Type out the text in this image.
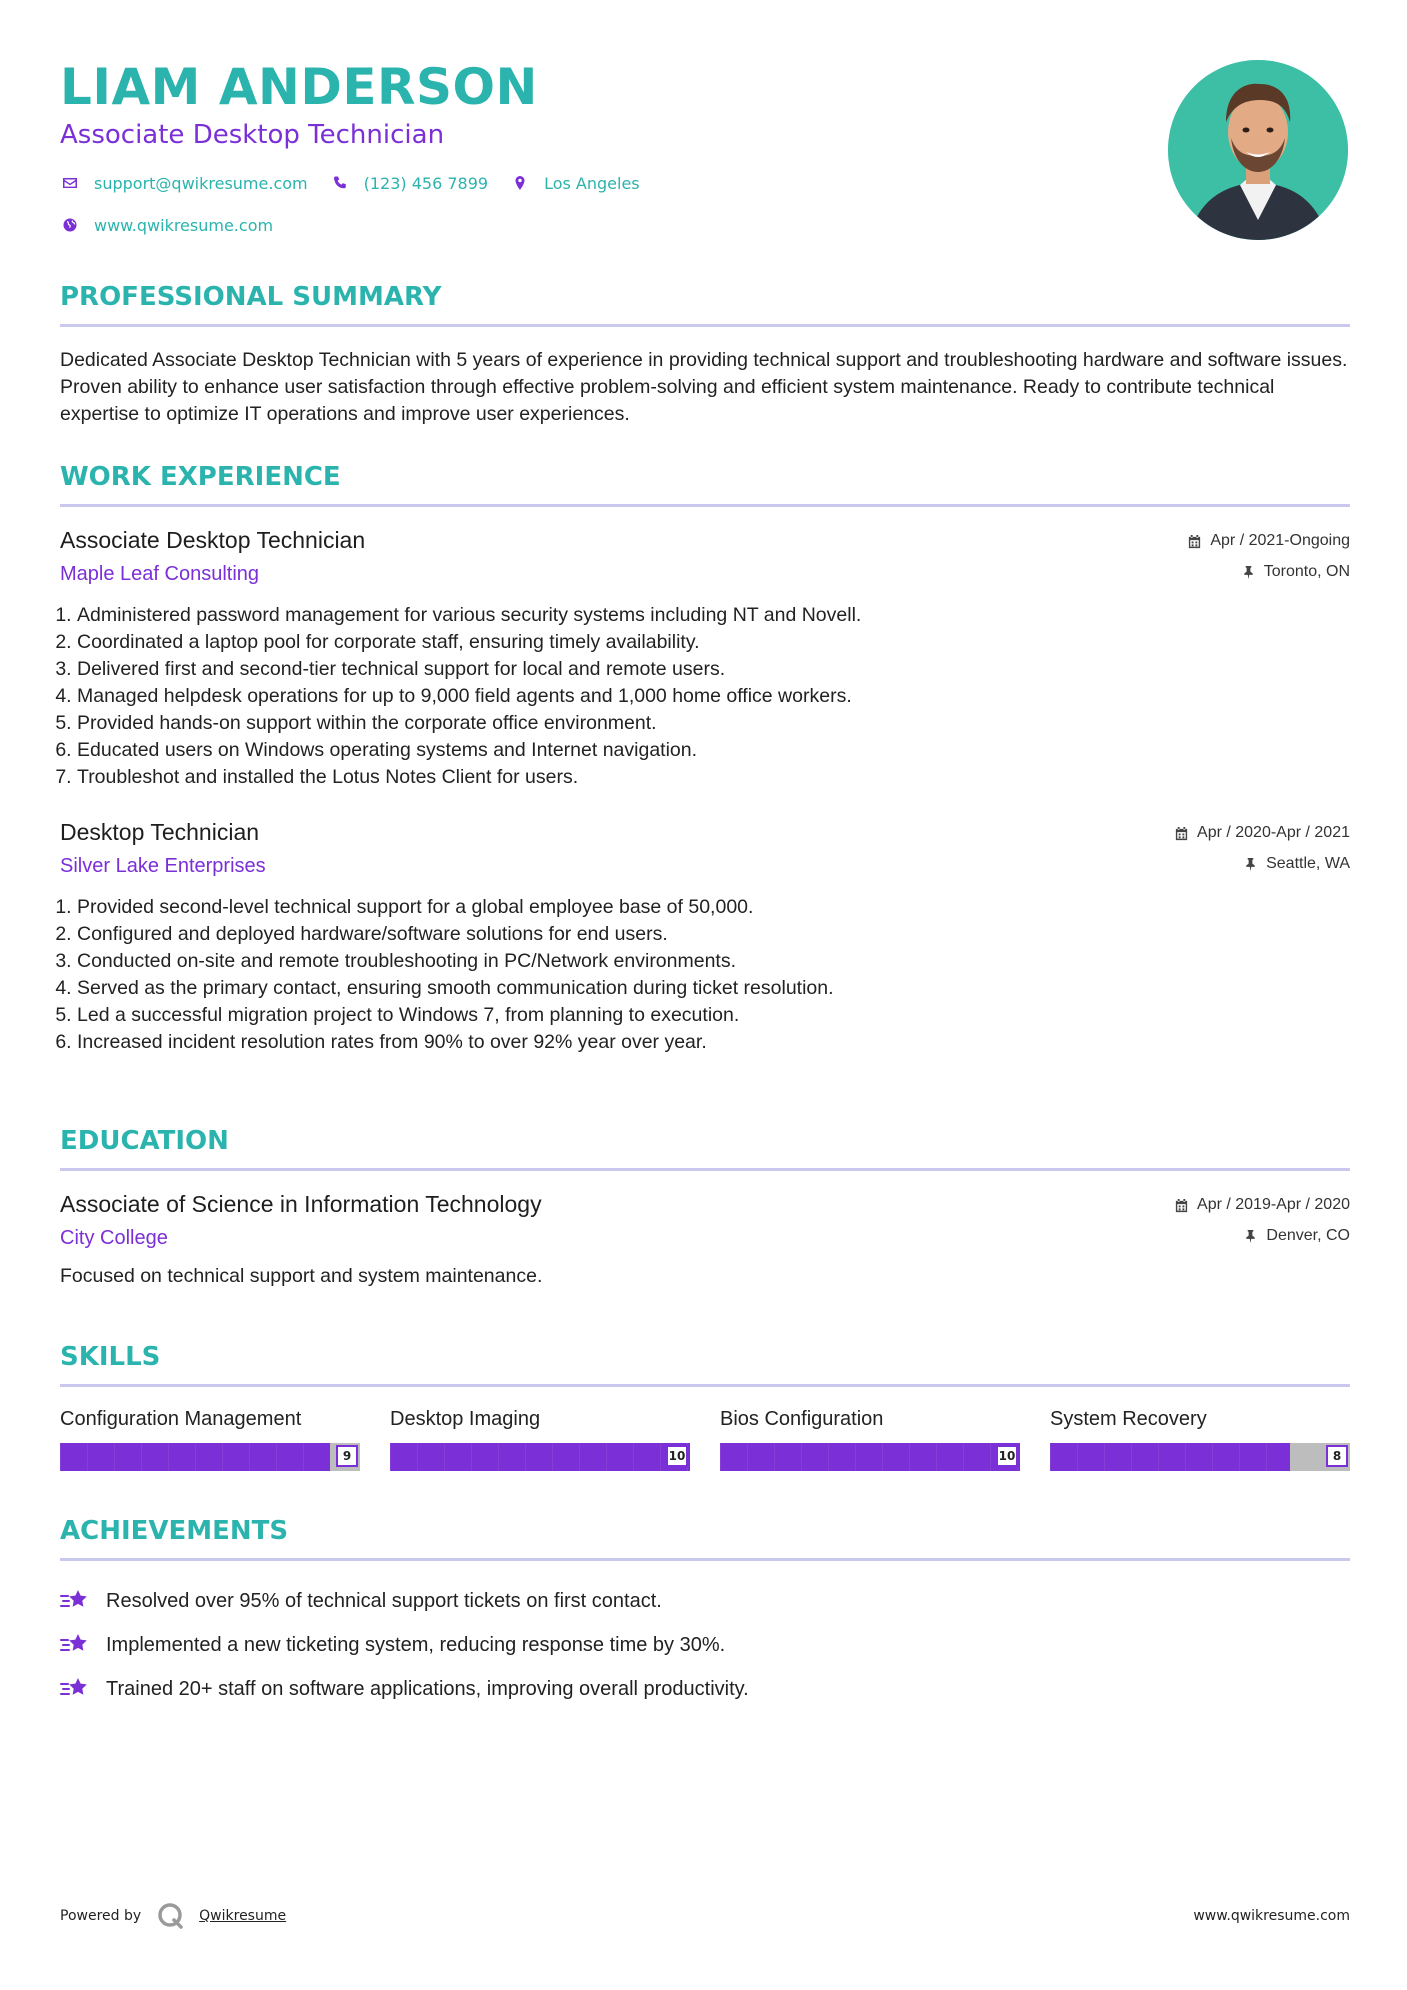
LIAM ANDERSON
Associate Desktop Technician
support@qwikresume.com	(123) 456 7899	Los Angeles
www.qwikresume.com
PROFESSIONAL SUMMARY
Dedicated Associate Desktop Technician with 5 years of experience in providing technical support and troubleshooting hardware and software issues. Proven ability to enhance user satisfaction through effective problem-solving and efficient system maintenance. Ready to contribute technical expertise to optimize IT operations and improve user experiences.
WORK EXPERIENCE
Associate Desktop Technician
Maple Leaf Consulting
Apr / 2021-Ongoing
Toronto, ON
1. Administered password management for various security systems including NT and Novell.
2. Coordinated a laptop pool for corporate staff, ensuring timely availability.
3. Delivered first and second-tier technical support for local and remote users.
4. Managed helpdesk operations for up to 9,000 field agents and 1,000 home office workers.
5. Provided hands-on support within the corporate office environment.
6. Educated users on Windows operating systems and Internet navigation.
7. Troubleshot and installed the Lotus Notes Client for users.
Desktop Technician
Silver Lake Enterprises
Apr / 2020-Apr / 2021
Seattle, WA
1. Provided second-level technical support for a global employee base of 50,000.
2. Configured and deployed hardware/software solutions for end users.
3. Conducted on-site and remote troubleshooting in PC/Network environments.
4. Served as the primary contact, ensuring smooth communication during ticket resolution.
5. Led a successful migration project to Windows 7, from planning to execution.
6. Increased incident resolution rates from 90% to over 92% year over year.
EDUCATION
Associate of Science in Information Technology
City College
Apr / 2019-Apr / 2020
Denver, CO
Focused on technical support and system maintenance.
SKILLS
Configuration Management
9
Desktop Imaging
10
Bios Configuration
10
System Recovery
8
ACHIEVEMENTS
Resolved over 95% of technical support tickets on first contact.
Implemented a new ticketing system, reducing response time by 30%.
Trained 20+ staff on software applications, improving overall productivity.
Powered by	Qwikresume	www.qwikresume.com
